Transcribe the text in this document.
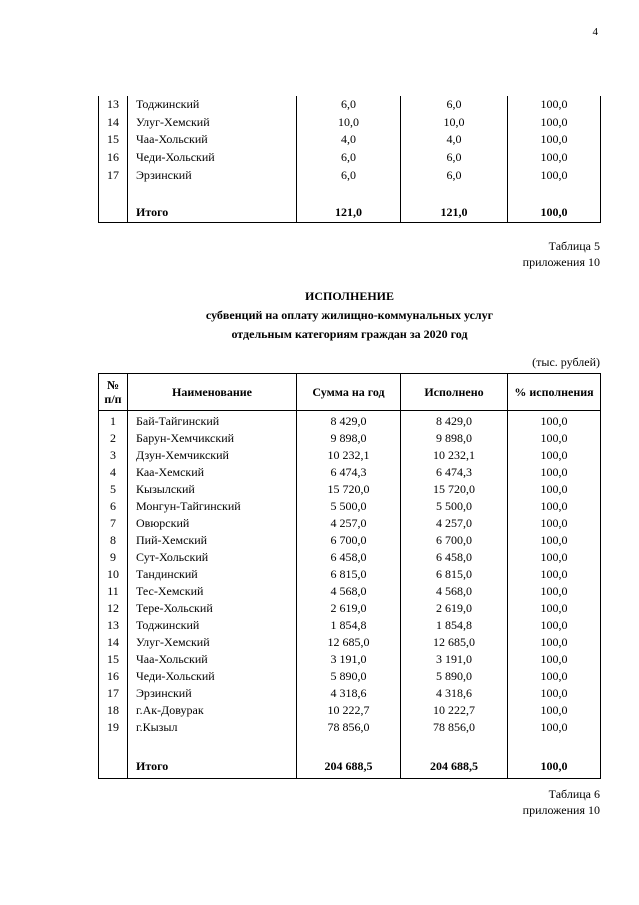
4
13	Тоджинский	6,0	6,0	100,0
14	Улуг-Хемский	10,0	10,0	100,0
15	Чаа-Хольский	4,0	4,0	100,0
16	Чеди-Хольский	6,0	6,0	100,0
17	Эрзинский	6,0	6,0	100,0

	Итого	121,0	121,0	100,0
Таблица 5
приложения 10
ИСПОЛНЕНИЕ
субвенций на оплату жилищно-коммунальных услуг
отдельным категориям граждан за 2020 год
(тыс. рублей)
№
п/п	Наименование	Сумма на год	Исполнено	% исполнения
1	Бай-Тайгинский	8 429,0	8 429,0	100,0
2	Барун-Хемчикский	9 898,0	9 898,0	100,0
3	Дзун-Хемчикский	10 232,1	10 232,1	100,0
4	Каа-Хемский	6 474,3	6 474,3	100,0
5	Кызылский	15 720,0	15 720,0	100,0
6	Монгун-Тайгинский	5 500,0	5 500,0	100,0
7	Овюрский	4 257,0	4 257,0	100,0
8	Пий-Хемский	6 700,0	6 700,0	100,0
9	Сут-Хольский	6 458,0	6 458,0	100,0
10	Тандинский	6 815,0	6 815,0	100,0
11	Тес-Хемский	4 568,0	4 568,0	100,0
12	Тере-Хольский	2 619,0	2 619,0	100,0
13	Тоджинский	1 854,8	1 854,8	100,0
14	Улуг-Хемский	12 685,0	12 685,0	100,0
15	Чаа-Хольский	3 191,0	3 191,0	100,0
16	Чеди-Хольский	5 890,0	5 890,0	100,0
17	Эрзинский	4 318,6	4 318,6	100,0
18	г.Ак-Довурак	10 222,7	10 222,7	100,0
19	г.Кызыл	78 856,0	78 856,0	100,0

	Итого	204 688,5	204 688,5	100,0
Таблица 6
приложения 10
